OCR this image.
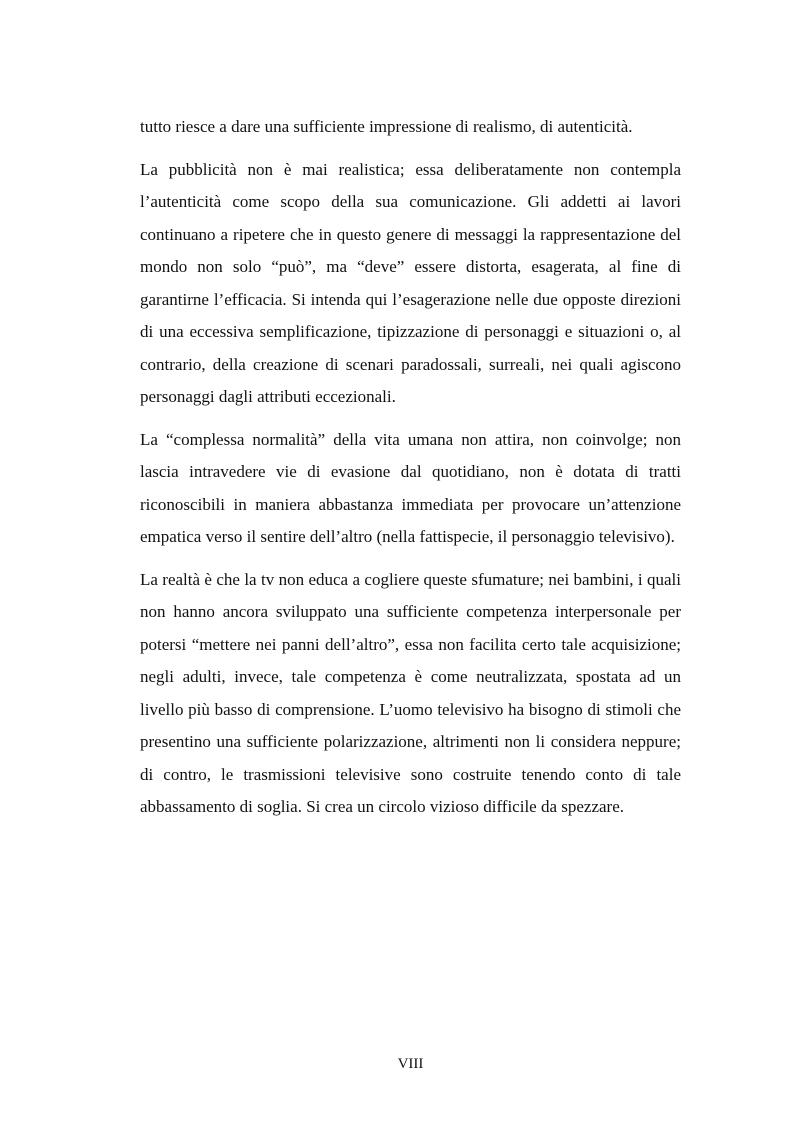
tutto riesce a dare una sufficiente impressione di realismo, di autenticità.

La pubblicità non è mai realistica; essa deliberatamente non contempla l’autenticità come scopo della sua comunicazione. Gli addetti ai lavori continuano a ripetere che in questo genere di messaggi la rappresentazione del mondo non solo “può”, ma “deve” essere distorta, esagerata, al fine di garantirne l’efficacia. Si intenda qui l’esagerazione nelle due opposte direzioni di una eccessiva semplificazione, tipizzazione di personaggi e situazioni o, al contrario, della creazione di scenari paradossali, surreali, nei quali agiscono personaggi dagli attributi eccezionali.

La “complessa normalità” della vita umana non attira, non coinvolge; non lascia intravedere vie di evasione dal quotidiano, non è dotata di tratti riconoscibili in maniera abbastanza immediata per provocare un’attenzione empatica verso il sentire dell’altro (nella fattispecie, il personaggio televisivo).

La realtà è che la tv non educa a cogliere queste sfumature; nei bambini, i quali non hanno ancora sviluppato una sufficiente competenza interpersonale per potersi “mettere nei panni dell’altro”, essa non facilita certo tale acquisizione; negli adulti, invece, tale competenza è come neutralizzata, spostata ad un livello più basso di comprensione. L’uomo televisivo ha bisogno di stimoli che presentino una sufficiente polarizzazione, altrimenti non li considera neppure; di contro, le trasmissioni televisive sono costruite tenendo conto di tale abbassamento di soglia. Si crea un circolo vizioso difficile da spezzare.

VIII
